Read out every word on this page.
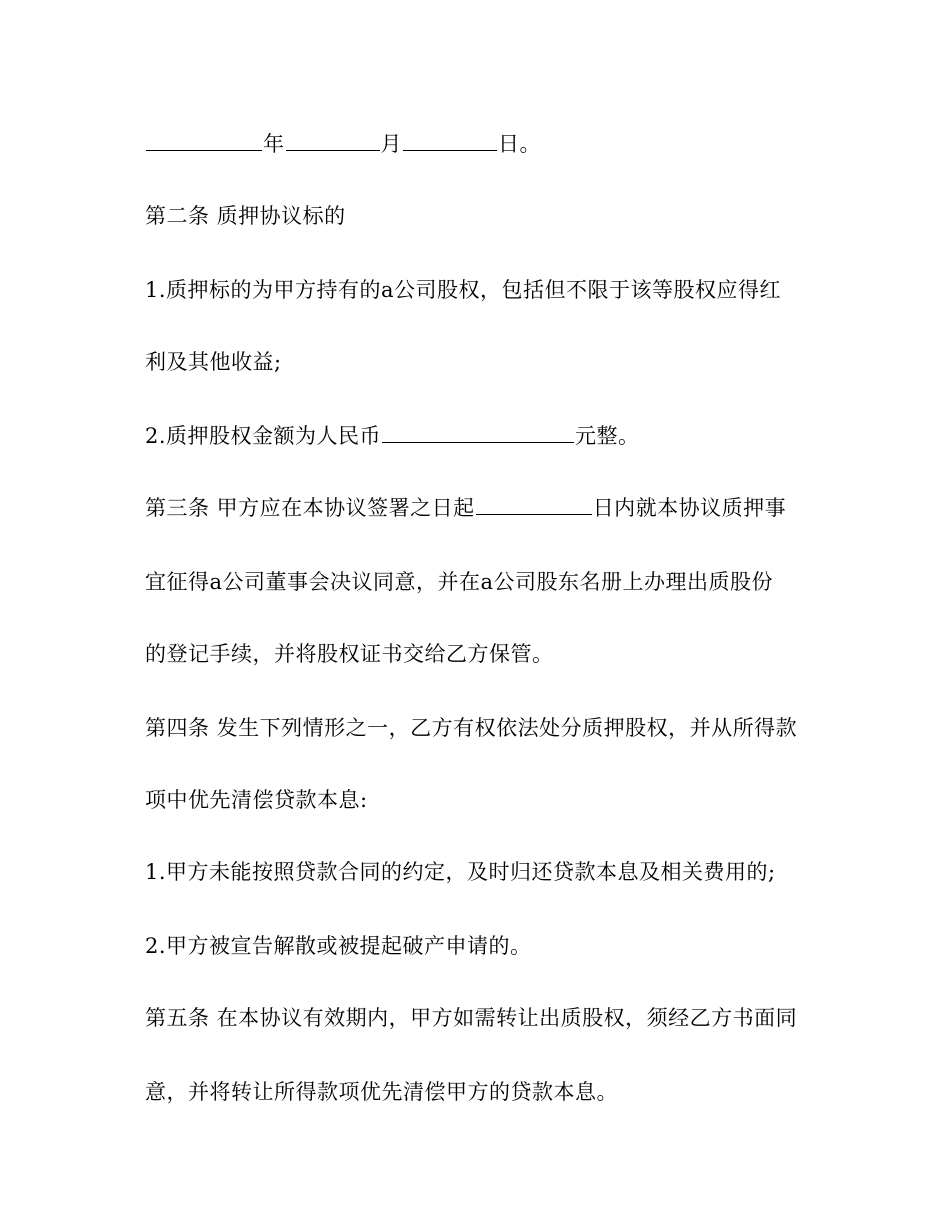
年	月	日。
第二条 质押协议标的
1.质押标的为甲方持有的a公司股权，包括但不限于该等股权应得红
利及其他收益;
2.质押股权金额为人民币	元整。
第三条 甲方应在本协议签署之日起	日内就本协议质押事
宜征得a公司董事会决议同意，并在a公司股东名册上办理出质股份
的登记手续，并将股权证书交给乙方保管。
第四条 发生下列情形之一，乙方有权依法处分质押股权，并从所得款
项中优先清偿贷款本息:
1.甲方未能按照贷款合同的约定，及时归还贷款本息及相关费用的;
2.甲方被宣告解散或被提起破产申请的。
第五条 在本协议有效期内，甲方如需转让出质股权，须经乙方书面同
意，并将转让所得款项优先清偿甲方的贷款本息。
